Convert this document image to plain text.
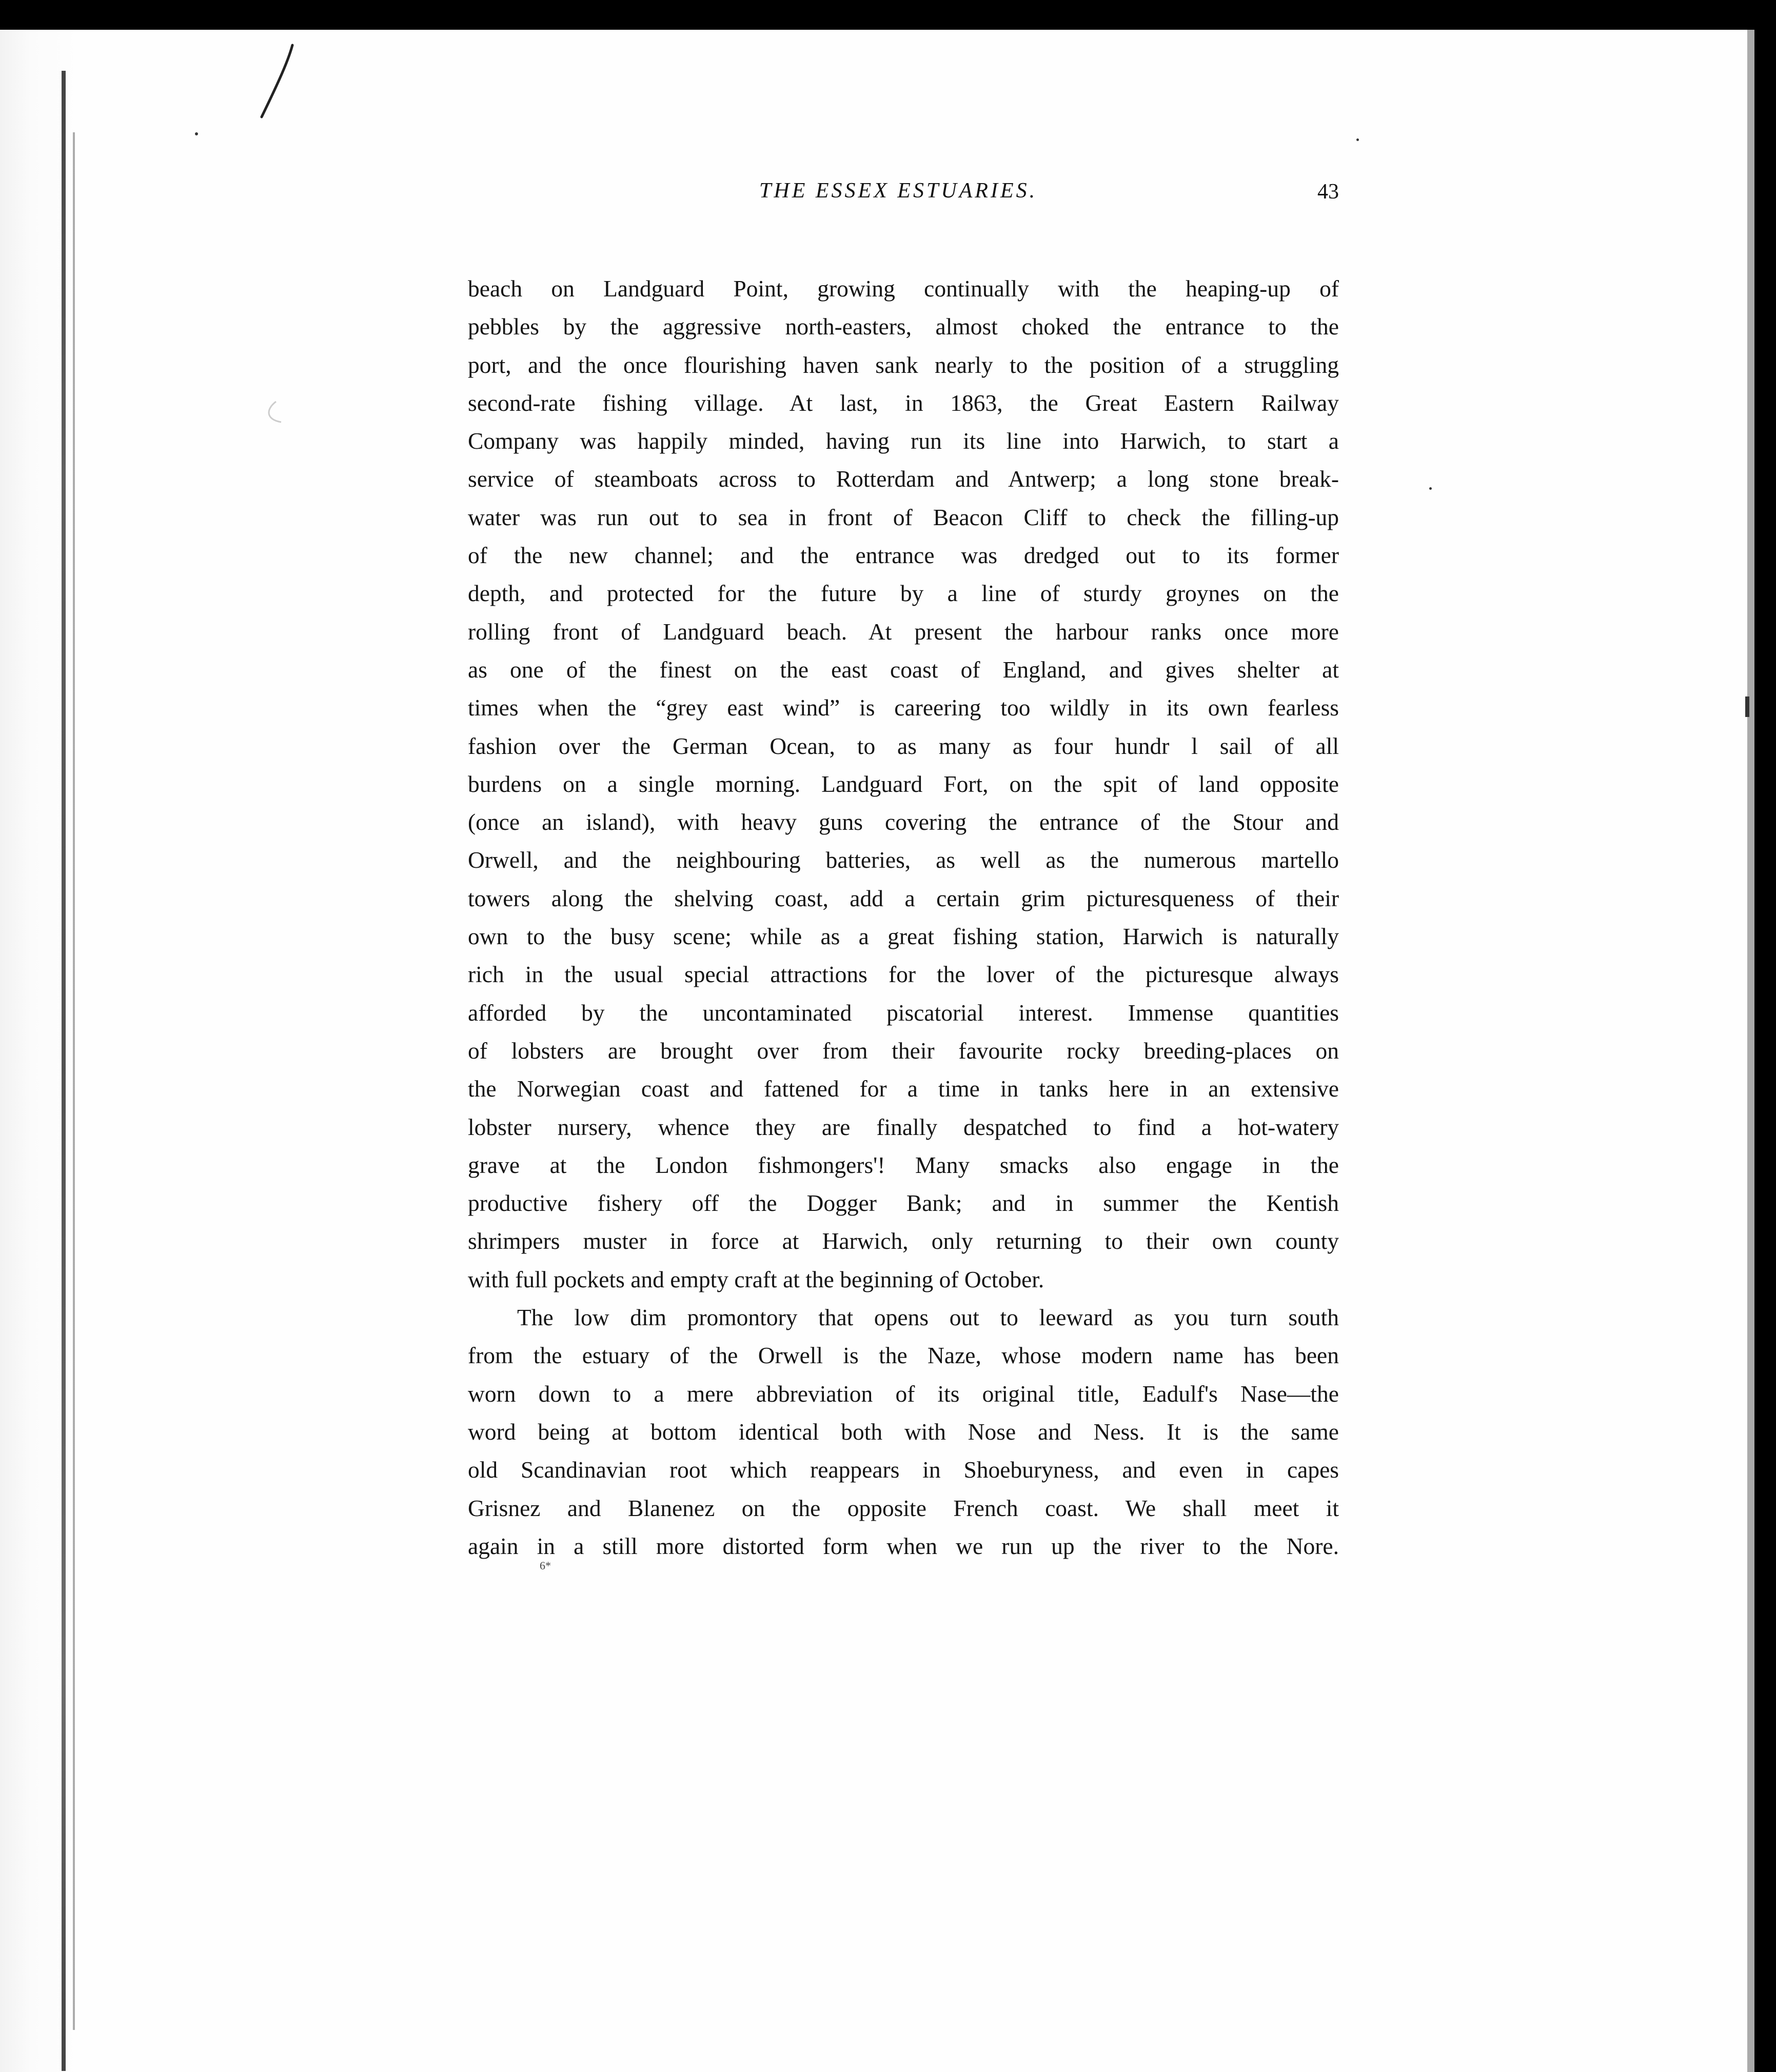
THE ESSEX ESTUARIES.	43
beach on Landguard Point, growing continually with the heaping-up of
pebbles by the aggressive north-easters, almost choked the entrance to the
port, and the once flourishing haven sank nearly to the position of a struggling
second-rate fishing village. At last, in 1863, the Great Eastern Railway
Company was happily minded, having run its line into Harwich, to start a
service of steamboats across to Rotterdam and Antwerp; a long stone break-
water was run out to sea in front of Beacon Cliff to check the filling-up
of the new channel; and the entrance was dredged out to its former
depth, and protected for the future by a line of sturdy groynes on the
rolling front of Landguard beach. At present the harbour ranks once more
as one of the finest on the east coast of England, and gives shelter at
times when the “grey east wind” is careering too wildly in its own fearless
fashion over the German Ocean, to as many as four hundr l sail of all
burdens on a single morning. Landguard Fort, on the spit of land opposite
(once an island), with heavy guns covering the entrance of the Stour and
Orwell, and the neighbouring batteries, as well as the numerous martello
towers along the shelving coast, add a certain grim picturesqueness of their
own to the busy scene; while as a great fishing station, Harwich is naturally
rich in the usual special attractions for the lover of the picturesque always
afforded by the uncontaminated piscatorial interest. Immense quantities
of lobsters are brought over from their favourite rocky breeding-places on
the Norwegian coast and fattened for a time in tanks here in an extensive
lobster nursery, whence they are finally despatched to find a hot-watery
grave at the London fishmongers'! Many smacks also engage in the
productive fishery off the Dogger Bank; and in summer the Kentish
shrimpers muster in force at Harwich, only returning to their own county
with full pockets and empty craft at the beginning of October.
The low dim promontory that opens out to leeward as you turn south
from the estuary of the Orwell is the Naze, whose modern name has been
worn down to a mere abbreviation of its original title, Eadulf's Nase—the
word being at bottom identical both with Nose and Ness. It is the same
old Scandinavian root which reappears in Shoeburyness, and even in capes
Grisnez and Blanenez on the opposite French coast. We shall meet it
again in a still more distorted form when we run up the river to the Nore.
6*
